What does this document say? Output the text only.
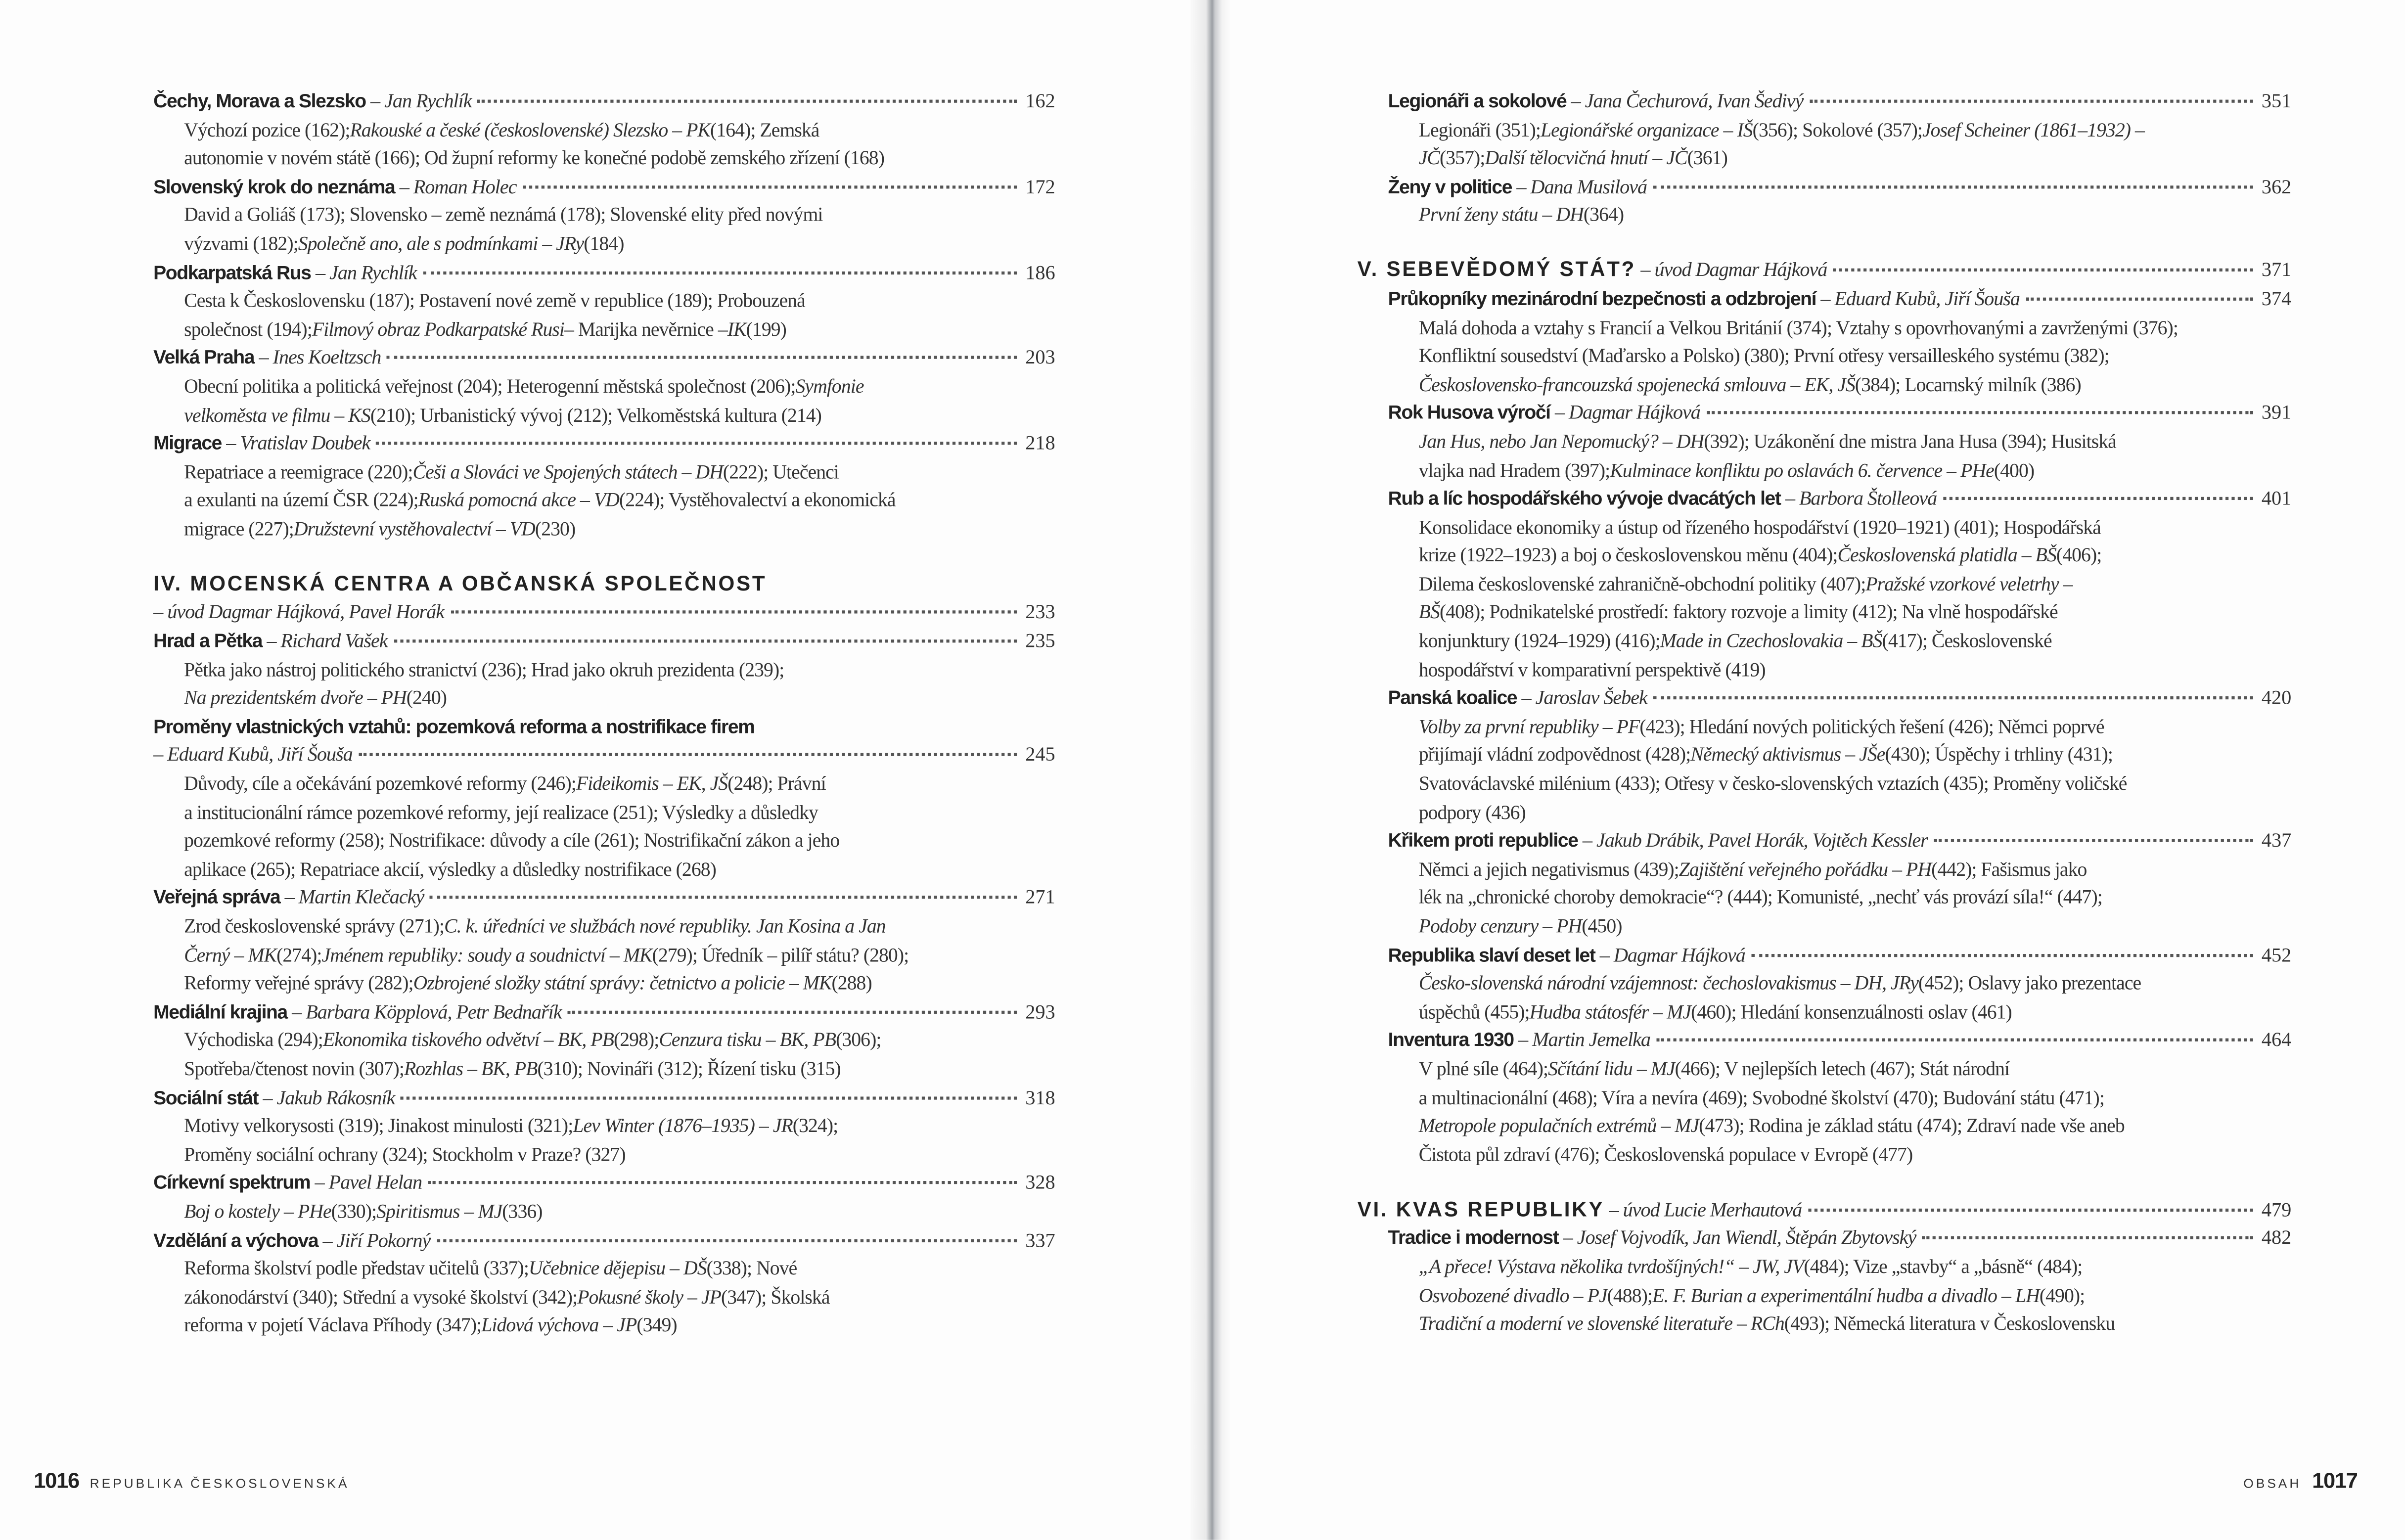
Čechy, Morava a Slezsko – Jan Rychlík	162
Výchozí pozice (162); Rakouské a české (československé) Slezsko – PK (164); Zemská
autonomie v novém státě (166); Od župní reformy ke konečné podobě zemského zřízení (168)
Slovenský krok do neznáma – Roman Holec	172
David a Goliáš (173); Slovensko – země neznámá (178); Slovenské elity před novými
výzvami (182); Společně ano, ale s podmínkami – JRy (184)
Podkarpatská Rus – Jan Rychlík	186
Cesta k Československu (187); Postavení nové země v republice (189); Probouzená
společnost (194); Filmový obraz Podkarpatské Rusi – Marijka nevěrnice – IK (199)
Velká Praha – Ines Koeltzsch	203
Obecní politika a politická veřejnost (204); Heterogenní městská společnost (206); Symfonie
velkoměsta ve filmu – KS (210); Urbanistický vývoj (212); Velkoměstská kultura (214)
Migrace – Vratislav Doubek	218
Repatriace a reemigrace (220); Češi a Slováci ve Spojených státech – DH (222); Utečenci
a exulanti na území ČSR (224); Ruská pomocná akce – VD (224); Vystěhovalectví a ekonomická
migrace (227); Družstevní vystěhovalectví – VD (230)
IV. MOCENSKÁ CENTRA A OBČANSKÁ SPOLEČNOST
– úvod Dagmar Hájková, Pavel Horák	233
Hrad a Pětka – Richard Vašek	235
Pětka jako nástroj politického stranictví (236); Hrad jako okruh prezidenta (239);
Na prezidentském dvoře – PH (240)
Proměny vlastnických vztahů: pozemková reforma a nostrifikace firem
– Eduard Kubů, Jiří Šouša	245
Důvody, cíle a očekávání pozemkové reformy (246); Fideikomis – EK, JŠ (248); Právní
a institucionální rámce pozemkové reformy, její realizace (251); Výsledky a důsledky
pozemkové reformy (258); Nostrifikace: důvody a cíle (261); Nostrifikační zákon a jeho
aplikace (265); Repatriace akcií, výsledky a důsledky nostrifikace (268)
Veřejná správa – Martin Klečacký	271
Zrod československé správy (271); C. k. úředníci ve službách nové republiky. Jan Kosina a Jan
Černý – MK (274); Jménem republiky: soudy a soudnictví – MK (279); Úředník – pilíř státu? (280);
Reformy veřejné správy (282); Ozbrojené složky státní správy: četnictvo a policie – MK (288)
Mediální krajina – Barbara Köpplová, Petr Bednařík	293
Východiska (294); Ekonomika tiskového odvětví – BK, PB (298); Cenzura tisku – BK, PB (306);
Spotřeba/čtenost novin (307); Rozhlas – BK, PB (310); Novináři (312); Řízení tisku (315)
Sociální stát – Jakub Rákosník	318
Motivy velkorysosti (319); Jinakost minulosti (321); Lev Winter (1876–1935) – JR (324);
Proměny sociální ochrany (324); Stockholm v Praze? (327)
Církevní spektrum – Pavel Helan	328
Boj o kostely – PHe (330); Spiritismus – MJ (336)
Vzdělání a výchova – Jiří Pokorný	337
Reforma školství podle představ učitelů (337); Učebnice dějepisu – DŠ (338); Nové
zákonodárství (340); Střední a vysoké školství (342); Pokusné školy – JP (347); Školská
reforma v pojetí Václava Příhody (347); Lidová výchova – JP (349)
Legionáři a sokolové – Jana Čechurová, Ivan Šedivý	351
Legionáři (351); Legionářské organizace – IŠ (356); Sokolové (357); Josef Scheiner (1861–1932) –
JČ (357); Další tělocvičná hnutí – JČ (361)
Ženy v politice – Dana Musilová	362
První ženy státu – DH (364)
V. SEBEVĚDOMÝ STÁT? – úvod Dagmar Hájková	371
Průkopníky mezinárodní bezpečnosti a odzbrojení – Eduard Kubů, Jiří Šouša	374
Malá dohoda a vztahy s Francií a Velkou Británií (374); Vztahy s opovrhovanými a zavrženými (376);
Konfliktní sousedství (Maďarsko a Polsko) (380); První otřesy versailleského systému (382);
Československo-francouzská spojenecká smlouva – EK, JŠ (384); Locarnský milník (386)
Rok Husova výročí – Dagmar Hájková	391
Jan Hus, nebo Jan Nepomucký? – DH (392); Uzákonění dne mistra Jana Husa (394); Husitská
vlajka nad Hradem (397); Kulminace konfliktu po oslavách 6. července – PHe (400)
Rub a líc hospodářského vývoje dvacátých let – Barbora Štolleová	401
Konsolidace ekonomiky a ústup od řízeného hospodářství (1920–1921) (401); Hospodářská
krize (1922–1923) a boj o československou měnu (404); Československá platidla – BŠ (406);
Dilema československé zahraničně-obchodní politiky (407); Pražské vzorkové veletrhy –
BŠ (408); Podnikatelské prostředí: faktory rozvoje a limity (412); Na vlně hospodářské
konjunktury (1924–1929) (416); Made in Czechoslovakia – BŠ (417); Československé
hospodářství v komparativní perspektivě (419)
Panská koalice – Jaroslav Šebek	420
Volby za první republiky – PF (423); Hledání nových politických řešení (426); Němci poprvé
přijímají vládní zodpovědnost (428); Německý aktivismus – JŠe (430); Úspěchy i trhliny (431);
Svatováclavské milénium (433); Otřesy v česko-slovenských vztazích (435); Proměny voličské
podpory (436)
Křikem proti republice – Jakub Drábik, Pavel Horák, Vojtěch Kessler	437
Němci a jejich negativismus (439); Zajištění veřejného pořádku – PH (442); Fašismus jako
lék na „chronické choroby demokracie“? (444); Komunisté, „nechť vás provází síla!“ (447);
Podoby cenzury – PH (450)
Republika slaví deset let – Dagmar Hájková	452
Česko-slovenská národní vzájemnost: čechoslovakismus – DH, JRy (452); Oslavy jako prezentace
úspěchů (455); Hudba státosfér – MJ (460); Hledání konsenzuálnosti oslav (461)
Inventura 1930 – Martin Jemelka	464
V plné síle (464); Sčítání lidu – MJ (466); V nejlepších letech (467); Stát národní
a multinacionální (468); Víra a nevíra (469); Svobodné školství (470); Budování státu (471);
Metropole populačních extrémů – MJ (473); Rodina je základ státu (474); Zdraví nade vše aneb
Čistota půl zdraví (476); Československá populace v Evropě (477)
VI. KVAS REPUBLIKY – úvod Lucie Merhautová	479
Tradice i modernost – Josef Vojvodík, Jan Wiendl, Štěpán Zbytovský	482
„A přece! Výstava několika tvrdošíjných!“ – JW, JV (484); Vize „stavby“ a „básně“ (484);
Osvobozené divadlo – PJ (488); E. F. Burian a experimentální hudba a divadlo – LH (490);
Tradiční a moderní ve slovenské literatuře – RCh (493); Německá literatura v Československu
1016	REPUBLIKA ČESKOSLOVENSKÁ	OBSAH 1017
